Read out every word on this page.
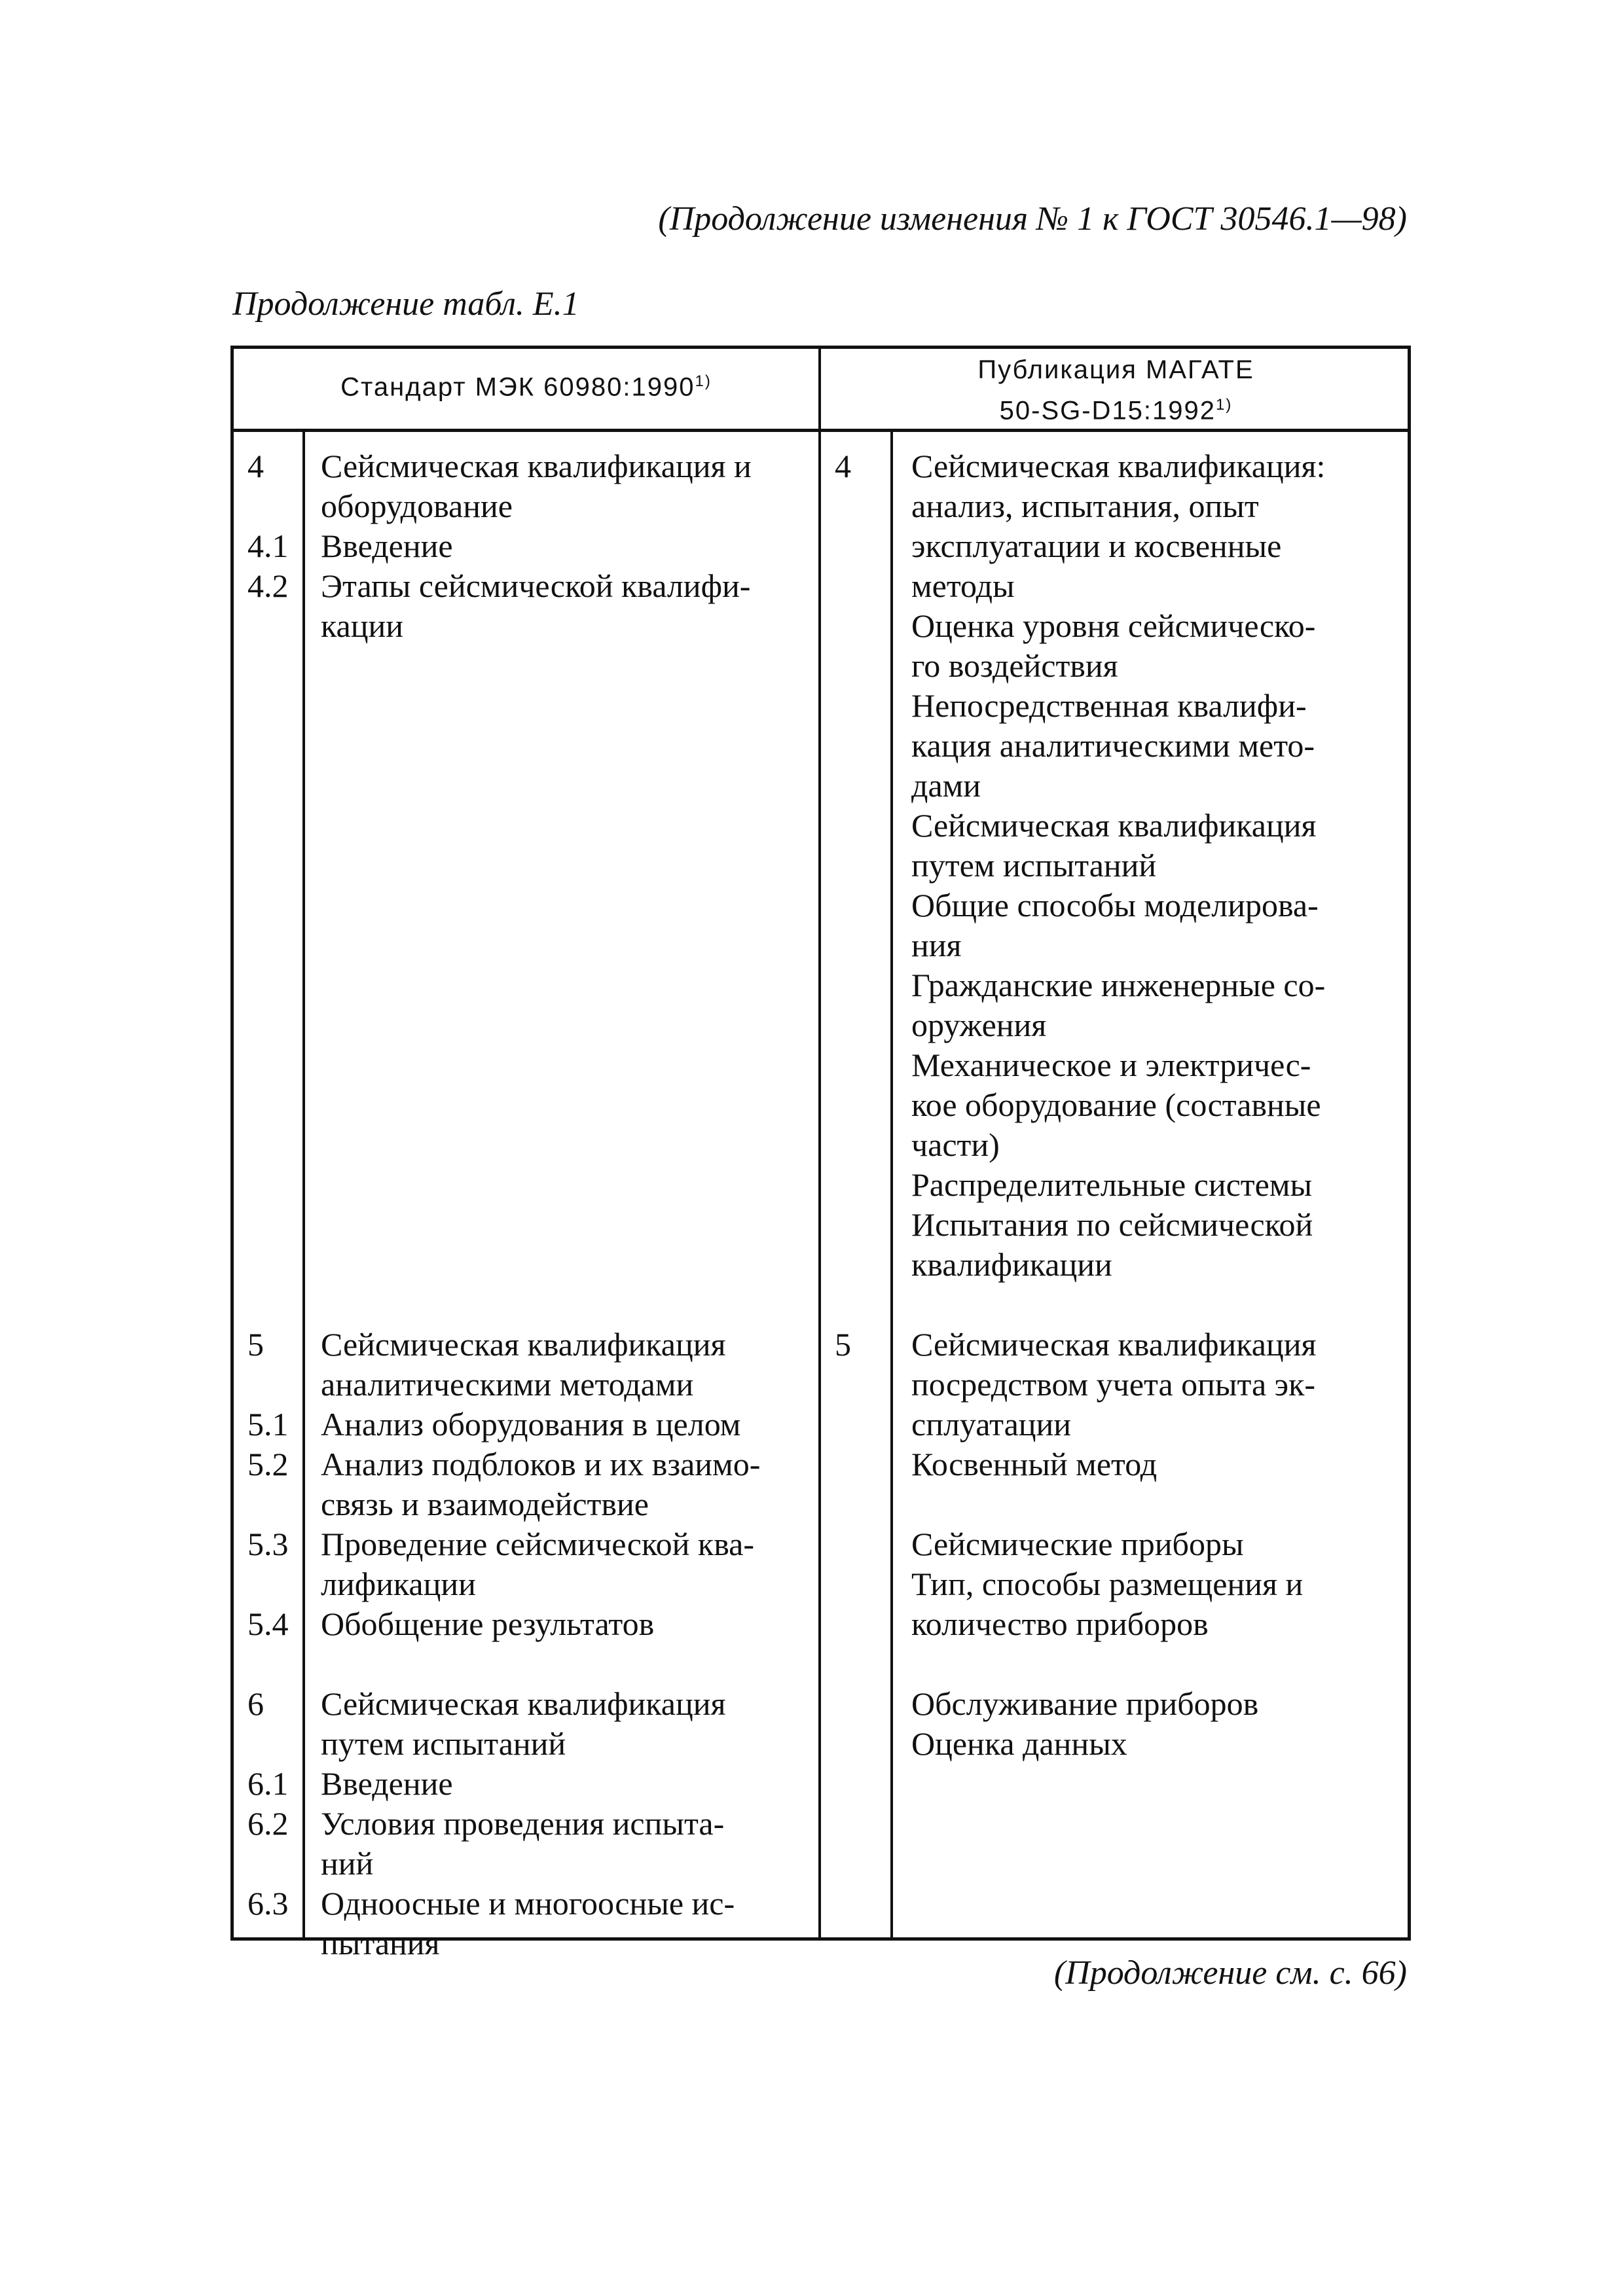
(Продолжение изменения № 1 к ГОСТ 30546.1—98)
Продолжение табл. Е.1
Стандарт МЭК 60980:1990$^{1)}$	Публикация МАГАТЕ
50-SG-D15:1992$^{1)}$
4
4.1
4.2
5
5.1
5.2
5.3
5.4
6
6.1
6.2
6.3
Сейсмическая квалификация и
оборудование
Введение
Этапы сейсмической квалифи-
кации
Сейсмическая квалификация
аналитическими методами
Анализ оборудования в целом
Анализ подблоков и их взаимо-
связь и взаимодействие
Проведение сейсмической ква-
лификации
Обобщение результатов
Сейсмическая квалификация
путем испытаний
Введение
Условия проведения испыта-
ний
Одноосные и многоосные ис-
пытания
4
5
Сейсмическая квалификация:
анализ, испытания, опыт
эксплуатации и косвенные
методы
Оценка уровня сейсмическо-
го воздействия
Непосредственная квалифи-
кация аналитическими мето-
дами
Сейсмическая квалификация
путем испытаний
Общие способы моделирова-
ния
Гражданские инженерные со-
оружения
Механическое и электричес-
кое оборудование (составные
части)
Распределительные системы
Испытания по сейсмической
квалификации
Сейсмическая квалификация
посредством учета опыта эк-
сплуатации
Косвенный метод
Сейсмические приборы
Тип, способы размещения и
количество приборов
Обслуживание приборов
Оценка данных
(Продолжение см. с. 66)
